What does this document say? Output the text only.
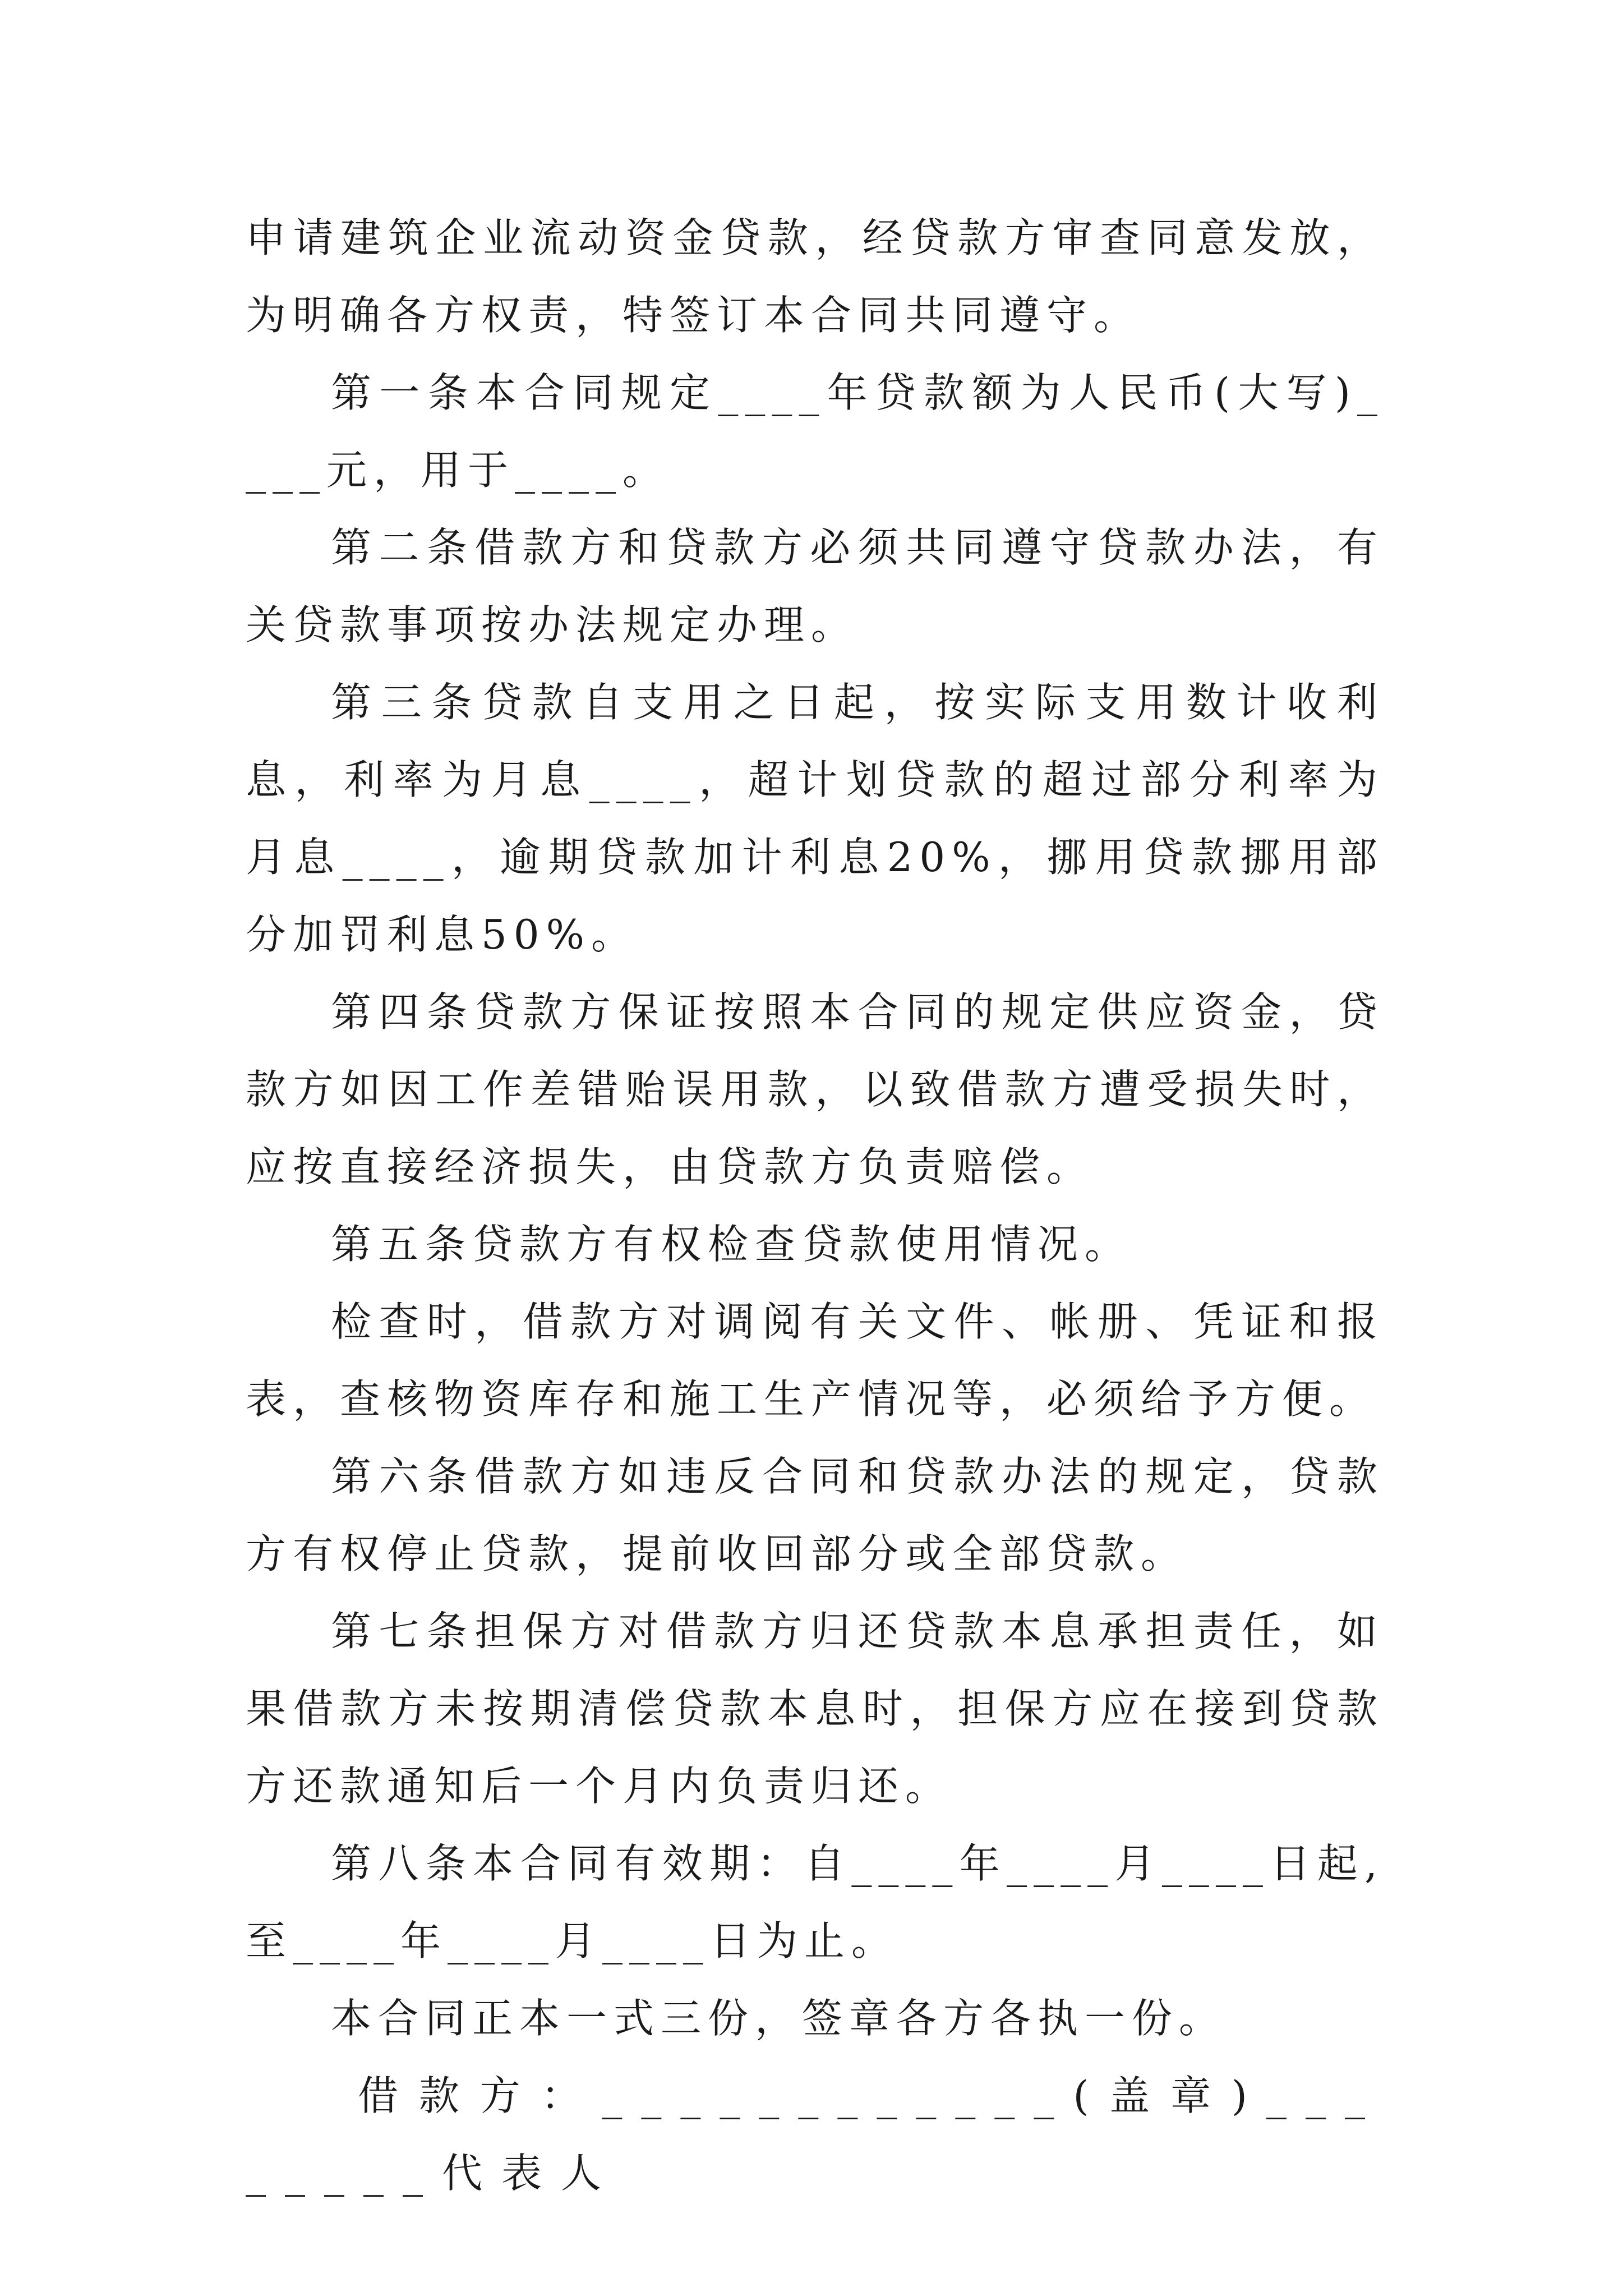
申请建筑企业流动资金贷款，经贷款方审查同意发放，为明确各方权责，特签订本合同共同遵守。

第一条本合同规定____年贷款额为人民币(大写)____元，用于____。

第二条借款方和贷款方必须共同遵守贷款办法，有关贷款事项按办法规定办理。

第三条贷款自支用之日起，按实际支用数计收利息，利率为月息____，超计划贷款的超过部分利率为月息____，逾期贷款加计利息20%，挪用贷款挪用部分加罚利息50%。

第四条贷款方保证按照本合同的规定供应资金，贷款方如因工作差错贻误用款，以致借款方遭受损失时，应按直接经济损失，由贷款方负责赔偿。

第五条贷款方有权检查贷款使用情况。

检查时，借款方对调阅有关文件、帐册、凭证和报表，查核物资库存和施工生产情况等，必须给予方便。

第六条借款方如违反合同和贷款办法的规定，贷款方有权停止贷款，提前收回部分或全部贷款。

第七条担保方对借款方归还贷款本息承担责任，如果借款方未按期清偿贷款本息时，担保方应在接到贷款方还款通知后一个月内负责归还。

第八条本合同有效期：自____年____月____日起,至____年____月____日为止。

本合同正本一式三份，签章各方各执一份。

借款方：____________(盖章)________代表人
